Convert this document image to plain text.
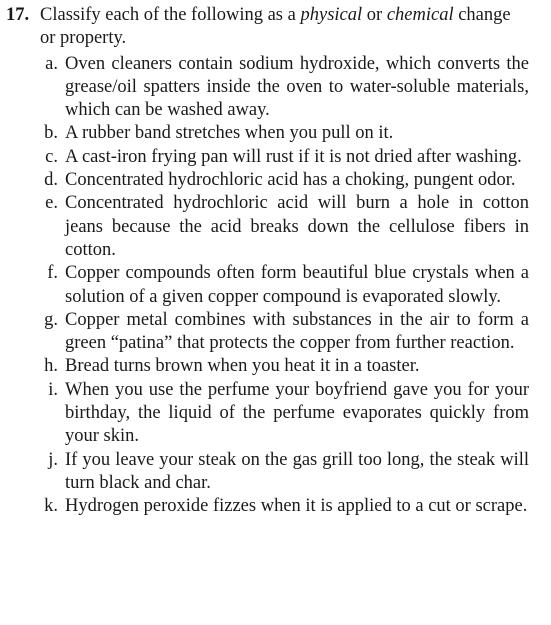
17. Classify each of the following as a physical or chemical change or property.
a. Oven cleaners contain sodium hydroxide, which converts the grease/oil spatters inside the oven to water-soluble materials, which can be washed away.
b. A rubber band stretches when you pull on it.
c. A cast-iron frying pan will rust if it is not dried after washing.
d. Concentrated hydrochloric acid has a choking, pungent odor.
e. Concentrated hydrochloric acid will burn a hole in cotton jeans because the acid breaks down the cellulose fibers in cotton.
f. Copper compounds often form beautiful blue crystals when a solution of a given copper compound is evaporated slowly.
g. Copper metal combines with substances in the air to form a green “patina” that protects the copper from further reaction.
h. Bread turns brown when you heat it in a toaster.
i. When you use the perfume your boyfriend gave you for your birthday, the liquid of the perfume evaporates quickly from your skin.
j. If you leave your steak on the gas grill too long, the steak will turn black and char.
k. Hydrogen peroxide fizzes when it is applied to a cut or scrape.
